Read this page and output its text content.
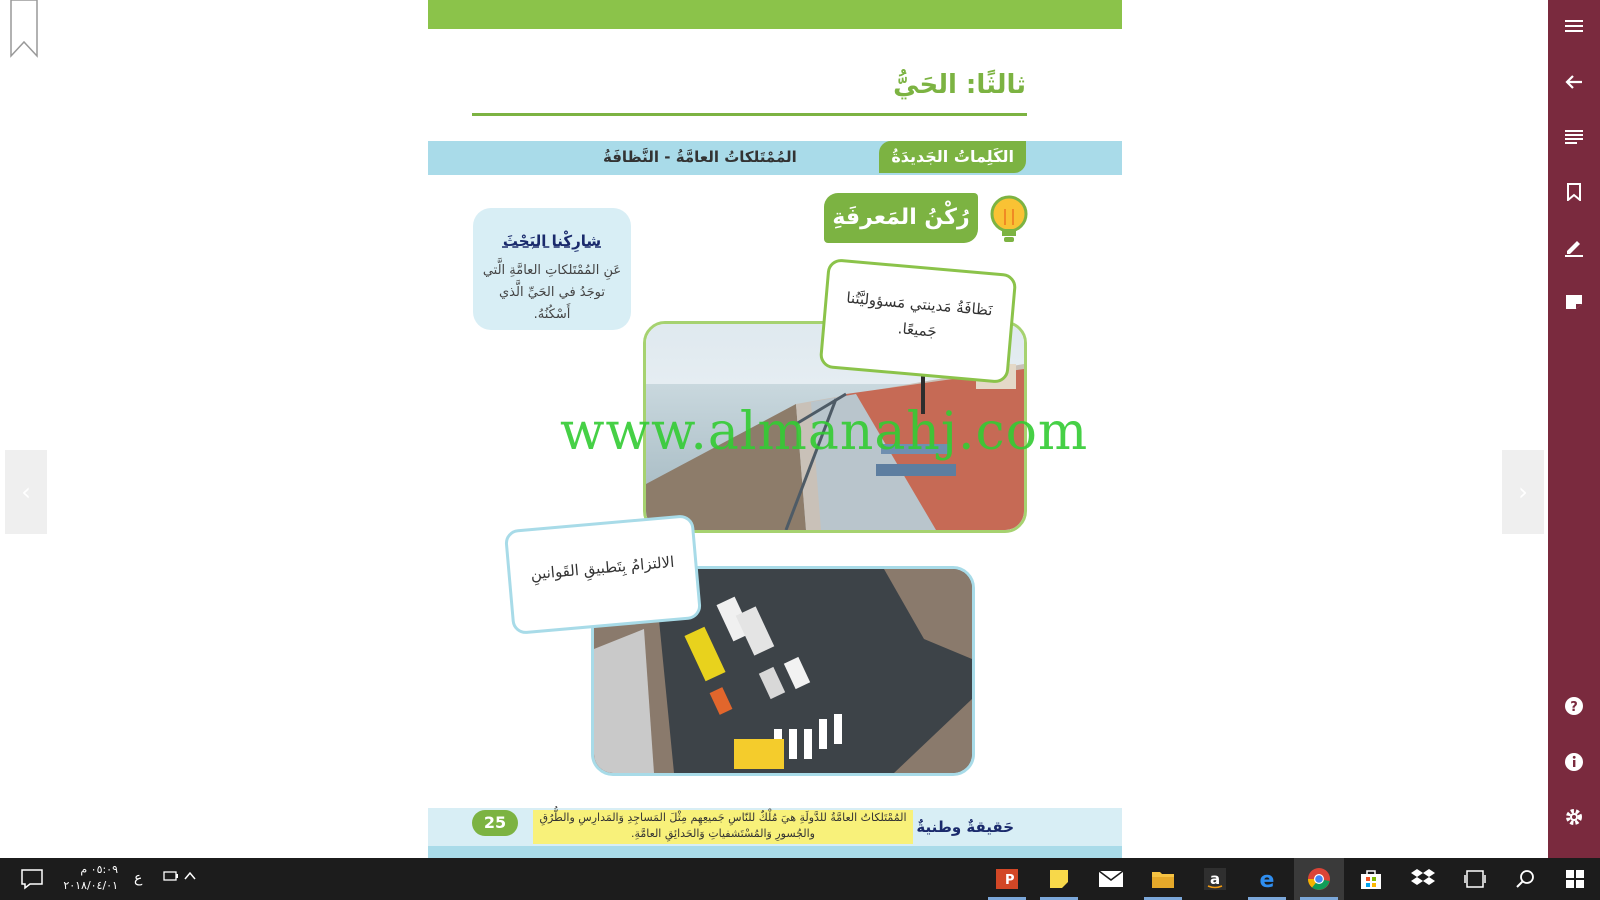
‹	›
ثالثًا: الحَيُّ
الكَلِماتُ الجَديدَةُ
المُمْتَلكاتُ العامَّةُ - النَّظافَةُ
رُكْنُ المَعرفَةِ
شارِكْنا البَحْثَ
عَنِ المُمْتَلكاتِ العامَّةِ الَّتي توجَدُ في الحَيِّ الَّذي أَسْكُنُهُ.	نَظافَةُ مَدينتي مَسؤوليَّتُنا جَميعًا.
الالتزامُ بِتَطبيقِ القَوانينِ
25	المُمْتَلكاتُ العامَّةُ للدَّولَةِ هيَ مُلْكٌ للنّاسِ جَميعِهِم مِثْلَ المَساجِدِ وَالمَدارِسِ والطُّرُقِ والجُسورِ وَالمُسْتَشفياتِ وَالحَدائِقِ العامَّةِ.	حَقيقةٌ وطنيةٌ
www.almanahj.com
?
٠٥:٠٩ م
٢٠١٨/٠٤/٠١ ع
	P	a e
